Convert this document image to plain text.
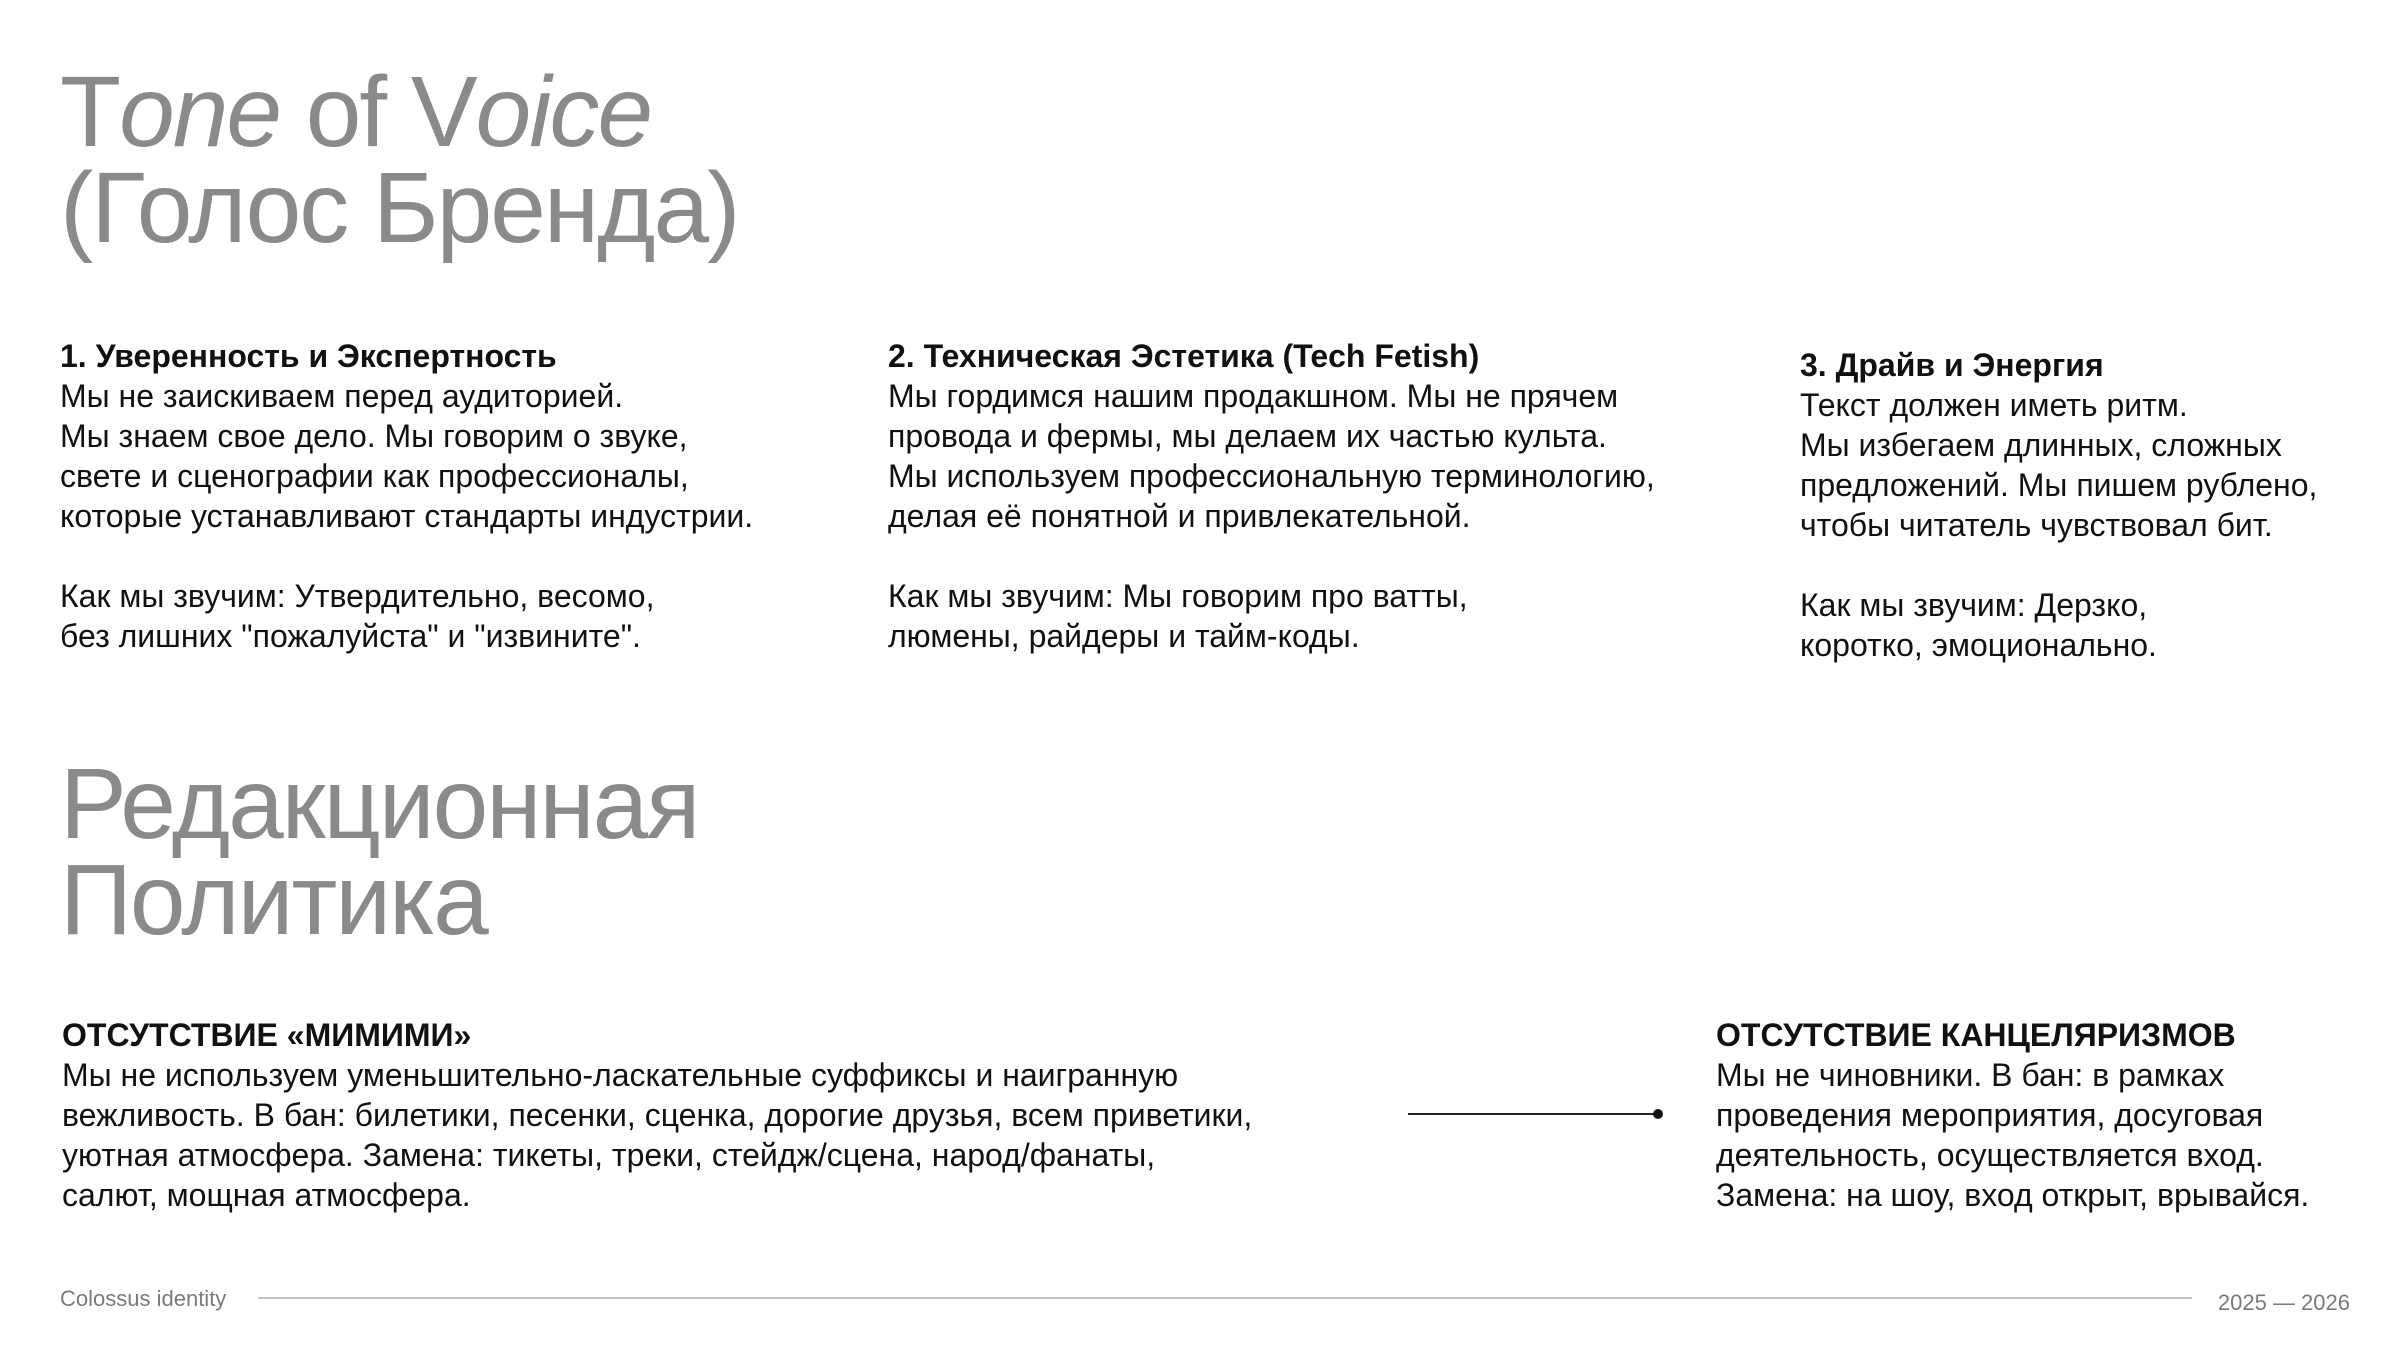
Tone of Voice
(Голос Бренда)
1. Уверенность и Экспертность
Мы не заискиваем перед аудиторией.
Мы знаем свое дело. Мы говорим о звуке,
свете и сценографии как профессионалы,
которые устанавливают стандарты индустрии.
Как мы звучим: Утвердительно, весомо,
без лишних "пожалуйста" и "извините".
2. Техническая Эстетика (Tech Fetish)
Мы гордимся нашим продакшном. Мы не прячем
провода и фермы, мы делаем их частью культа.
Мы используем профессиональную терминологию,
делая её понятной и привлекательной.
Как мы звучим: Мы говорим про ватты,
люмены, райдеры и тайм-коды.
3. Драйв и Энергия
Текст должен иметь ритм.
Мы избегаем длинных, сложных
предложений. Мы пишем рублено,
чтобы читатель чувствовал бит.
Как мы звучим: Дерзко,
коротко, эмоционально.
Редакционная
Политика
ОТСУТСТВИЕ «МИМИМИ»
Мы не используем уменьшительно-ласкательные суффиксы и наигранную
вежливость. В бан: билетики, песенки, сценка, дорогие друзья, всем приветики,
уютная атмосфера. Замена: тикеты, треки, стейдж/сцена, народ/фанаты,
салют, мощная атмосфера.
ОТСУТСТВИЕ КАНЦЕЛЯРИЗМОВ
Мы не чиновники. В бан: в рамках
проведения мероприятия, досуговая
деятельность, осуществляется вход.
Замена: на шоу, вход открыт, врывайся.
Colossus identity	2025 — 2026
